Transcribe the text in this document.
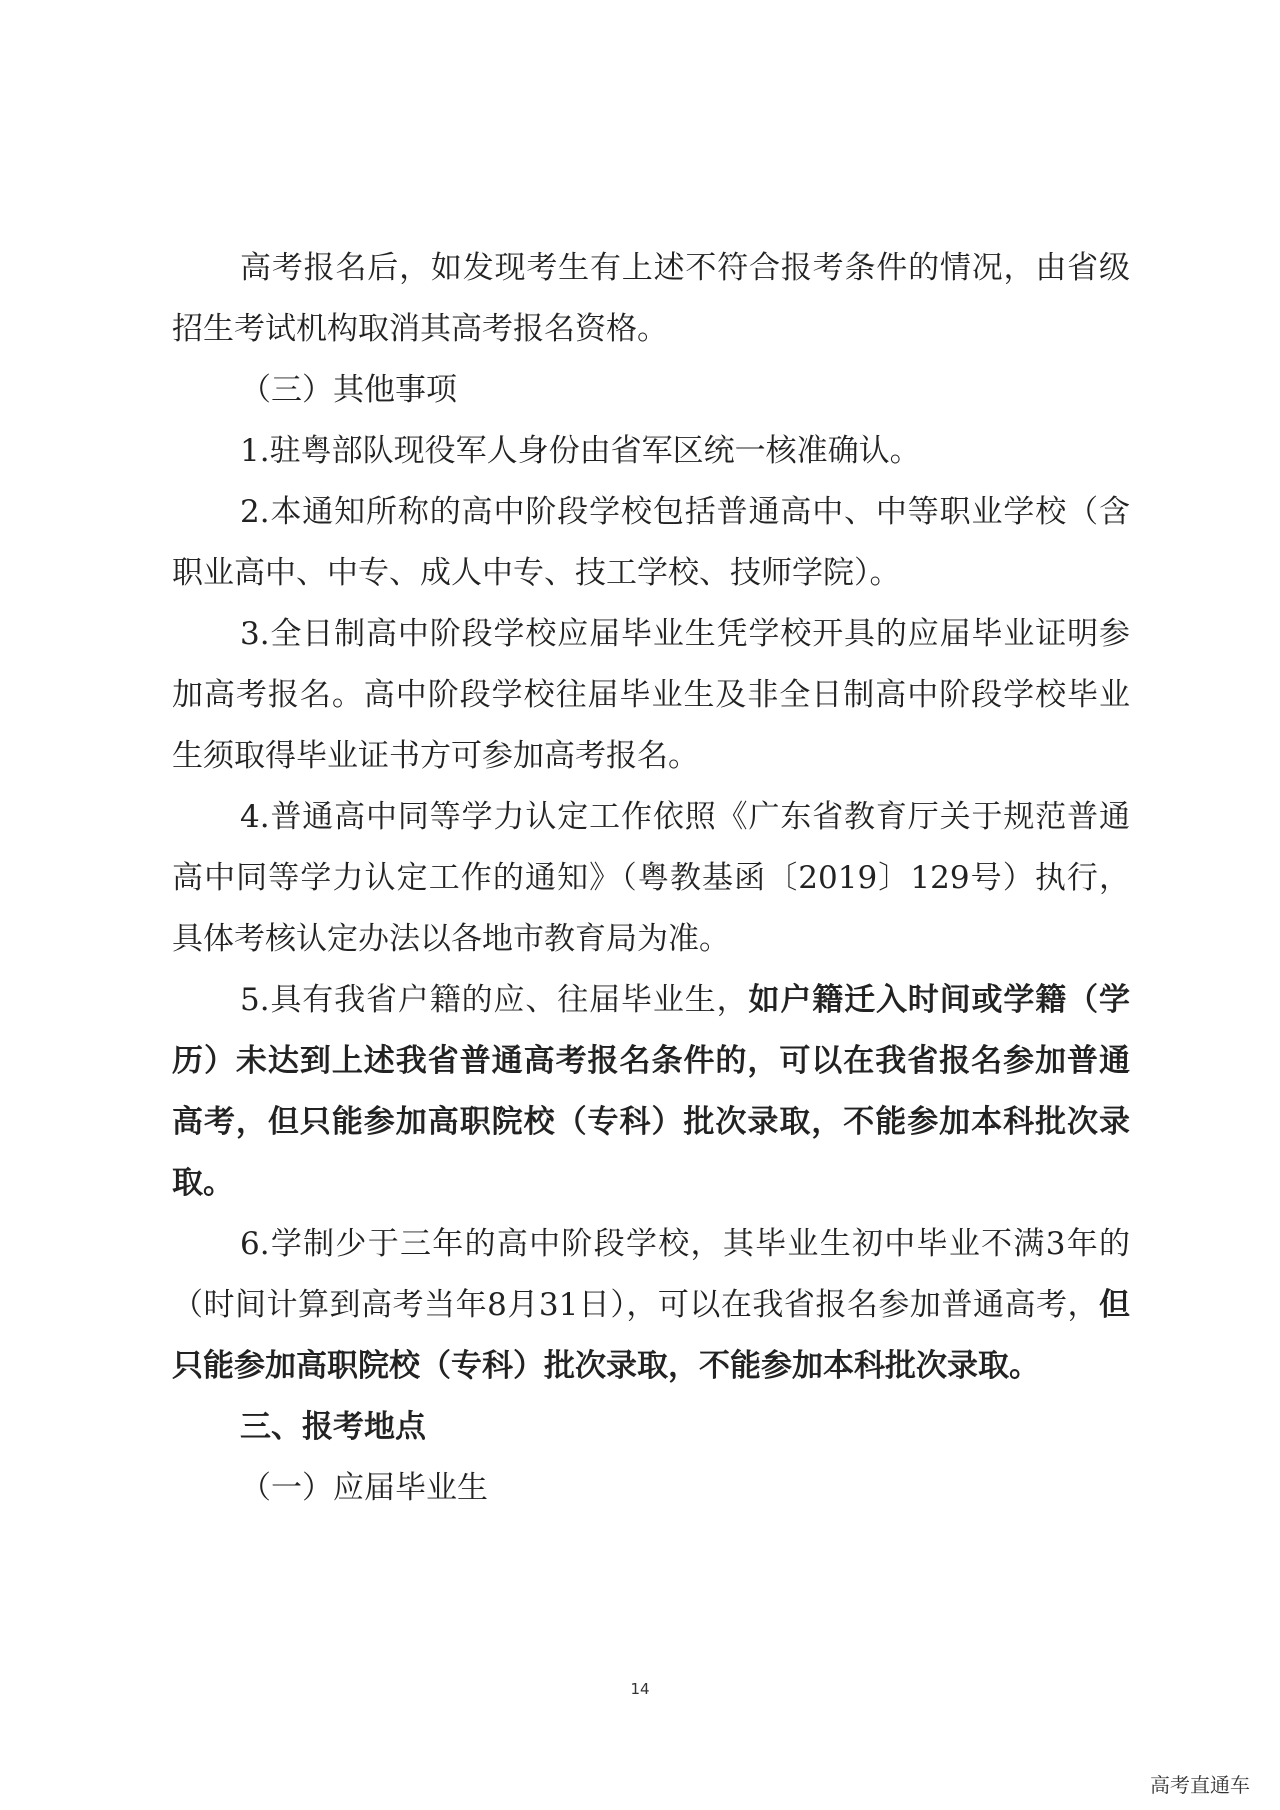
高考报名后，如发现考生有上述不符合报考条件的情况，由省级招生考试机构取消其高考报名资格。

（三）其他事项

1.驻粤部队现役军人身份由省军区统一核准确认。

2.本通知所称的高中阶段学校包括普通高中、中等职业学校（含职业高中、中专、成人中专、技工学校、技师学院）。

3.全日制高中阶段学校应届毕业生凭学校开具的应届毕业证明参加高考报名。高中阶段学校往届毕业生及非全日制高中阶段学校毕业生须取得毕业证书方可参加高考报名。

4.普通高中同等学力认定工作依照《广东省教育厅关于规范普通高中同等学力认定工作的通知》（粤教基函〔2019〕129号）执行，具体考核认定办法以各地市教育局为准。

5.具有我省户籍的应、往届毕业生，如户籍迁入时间或学籍（学历）未达到上述我省普通高考报名条件的，可以在我省报名参加普通高考，但只能参加高职院校（专科）批次录取，不能参加本科批次录取。

6.学制少于三年的高中阶段学校，其毕业生初中毕业不满3年的（时间计算到高考当年8月31日），可以在我省报名参加普通高考，但只能参加高职院校（专科）批次录取，不能参加本科批次录取。

三、报考地点

（一）应届毕业生

14
高考直通车
